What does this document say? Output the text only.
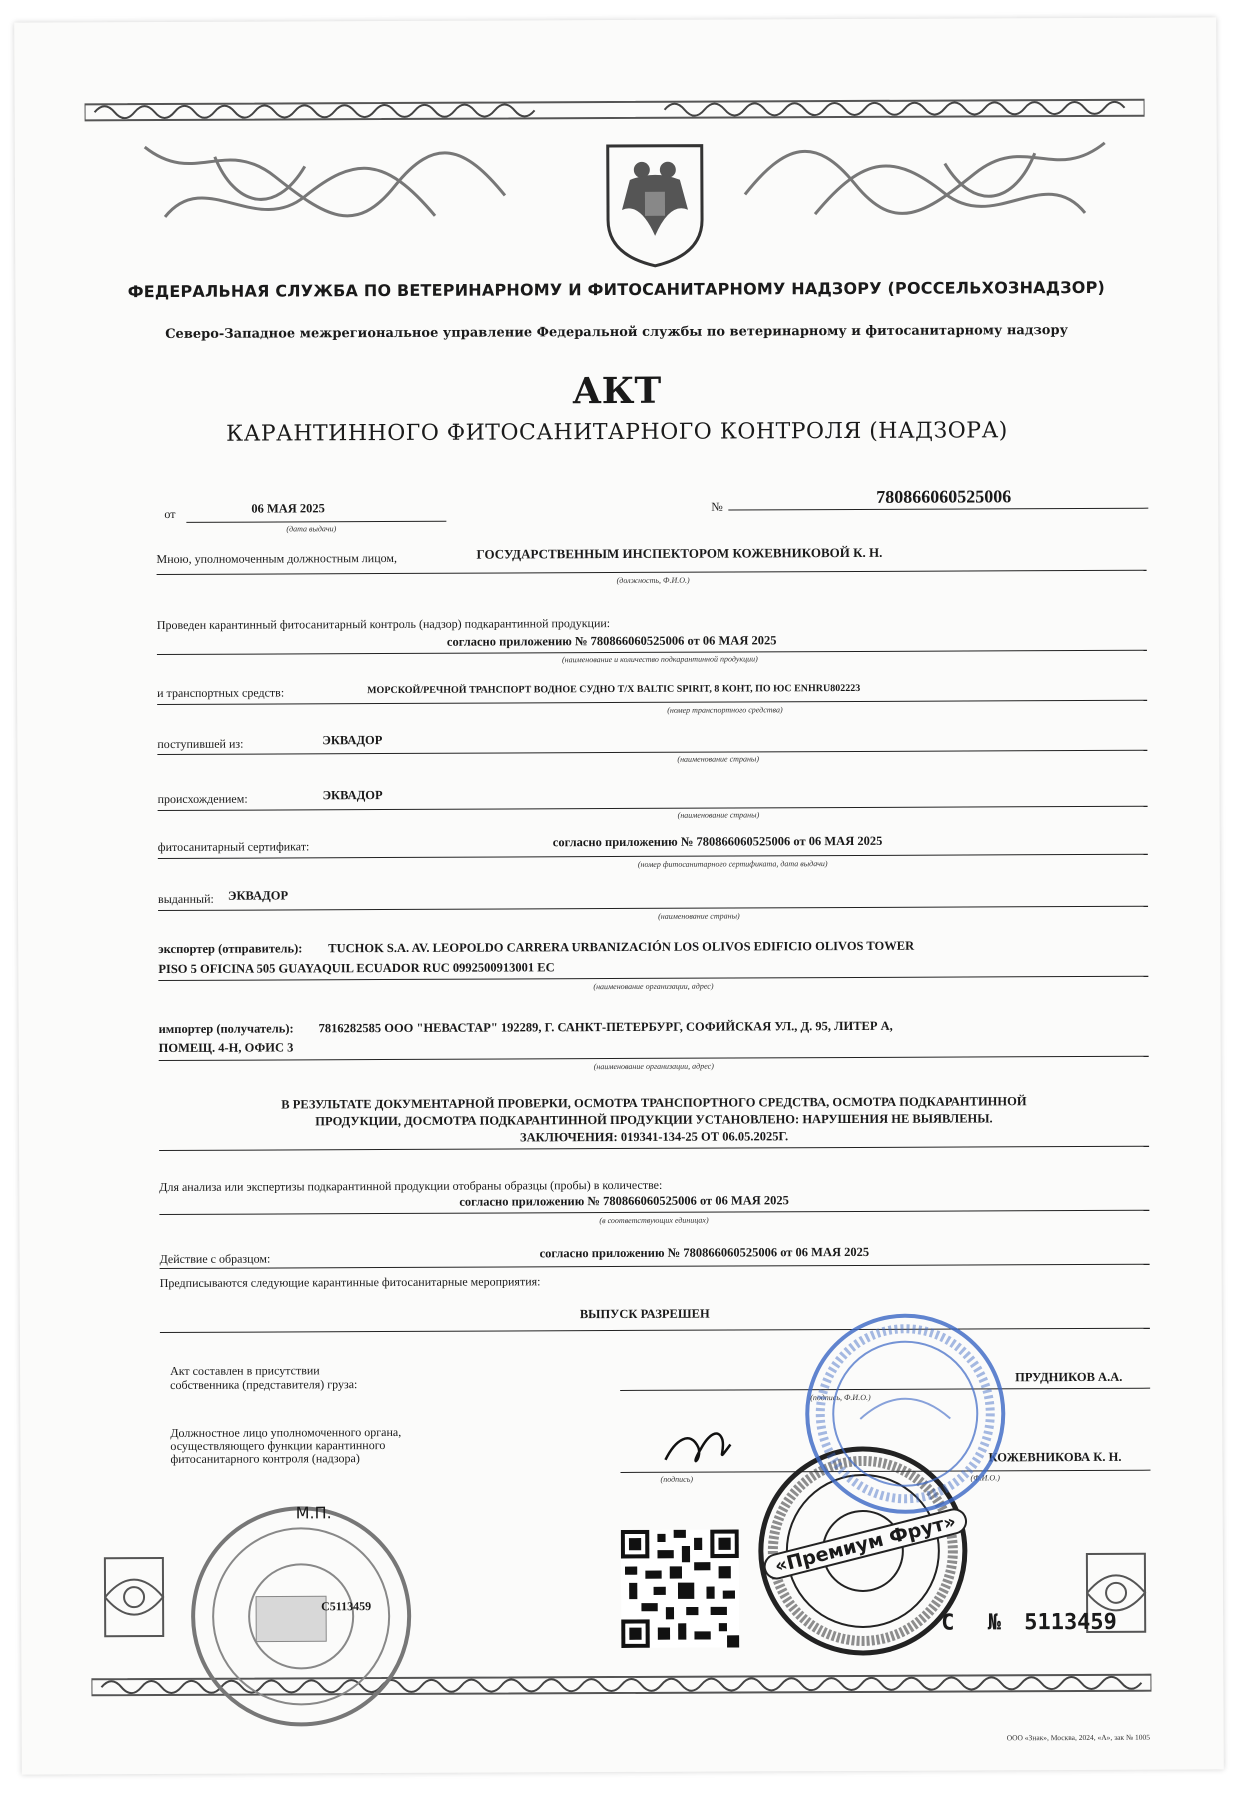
ФЕДЕРАЛЬНАЯ СЛУЖБА ПО ВЕТЕРИНАРНОМУ И ФИТОСАНИТАРНОМУ НАДЗОРУ (РОССЕЛЬХОЗНАДЗОР)
Северо-Западное межрегиональное управление Федеральной службы по ветеринарному и фитосанитарному надзору
АКТ
КАРАНТИННОГО ФИТОСАНИТАРНОГО КОНТРОЛЯ (НАДЗОРА)
от	06 МАЯ 2025
(дата выдачи)
№	780866060525006
Мною, уполномоченным должностным лицом,	ГОСУДАРСТВЕННЫМ ИНСПЕКТОРОМ КОЖЕВНИКОВОЙ К. Н.
(должность, Ф.И.О.)
Проведен карантинный фитосанитарный контроль (надзор) подкарантинной продукции:
согласно приложению № 780866060525006 от 06 МАЯ 2025
(наименование и количество подкарантинной продукции)
и транспортных средств:	МОРСКОЙ/РЕЧНОЙ ТРАНСПОРТ ВОДНОЕ СУДНО Т/Х BALTIC SPIRIT, 8 КОНТ, ПО ЮС ENHRU802223
(номер транспортного средства)
поступившей из:	ЭКВАДОР
(наименование страны)
происхождением:	ЭКВАДОР
(наименование страны)
фитосанитарный сертификат:	согласно приложению № 780866060525006 от 06 МАЯ 2025
(номер фитосанитарного сертификата, дата выдачи)
выданный: ЭКВАДОР
(наименование страны)
экспортер (отправитель): TUCHOK S.A. AV. LEOPOLDO CARRERA URBANIZACIÓN LOS OLIVOS EDIFICIO OLIVOS TOWER
PISO 5 OFICINA 505 GUAYAQUIL ECUADOR RUC 0992500913001 EC
(наименование организации, адрес)
импортер (получатель): 7816282585 ООО "НЕВАСТАР" 192289, Г. САНКТ-ПЕТЕРБУРГ, СОФИЙСКАЯ УЛ., Д. 95, ЛИТЕР А,
ПОМЕЩ. 4-Н, ОФИС 3
(наименование организации, адрес)
В РЕЗУЛЬТАТЕ ДОКУМЕНТАРНОЙ ПРОВЕРКИ, ОСМОТРА ТРАНСПОРТНОГО СРЕДСТВА, ОСМОТРА ПОДКАРАНТИННОЙ
ПРОДУКЦИИ, ДОСМОТРА ПОДКАРАНТИННОЙ ПРОДУКЦИИ УСТАНОВЛЕНО: НАРУШЕНИЯ НЕ ВЫЯВЛЕНЫ.
ЗАКЛЮЧЕНИЯ: 019341-134-25 ОТ 06.05.2025Г.
Для анализа или экспертизы подкарантинной продукции отобраны образцы (пробы) в количестве:
согласно приложению № 780866060525006 от 06 МАЯ 2025
(в соответствующих единицах)
Действие с образцом:	согласно приложению № 780866060525006 от 06 МАЯ 2025
Предписываются следующие карантинные фитосанитарные мероприятия:
ВЫПУСК РАЗРЕШЕН
Акт составлен в присутствии
собственника (представителя) груза:
ПРУДНИКОВ А.А.
(подпись, Ф.И.О.)
Должностное лицо уполномоченного органа,
осуществляющего функции карантинного
фитосанитарного контроля (надзора)	КОЖЕВНИКОВА К. Н.
(подпись)	(Ф.И.О.)
М.П.
C5113459
«Премиум Фрут»
С № 5113459
ООО «Знак», Москва, 2024, «А», зак № 1005
